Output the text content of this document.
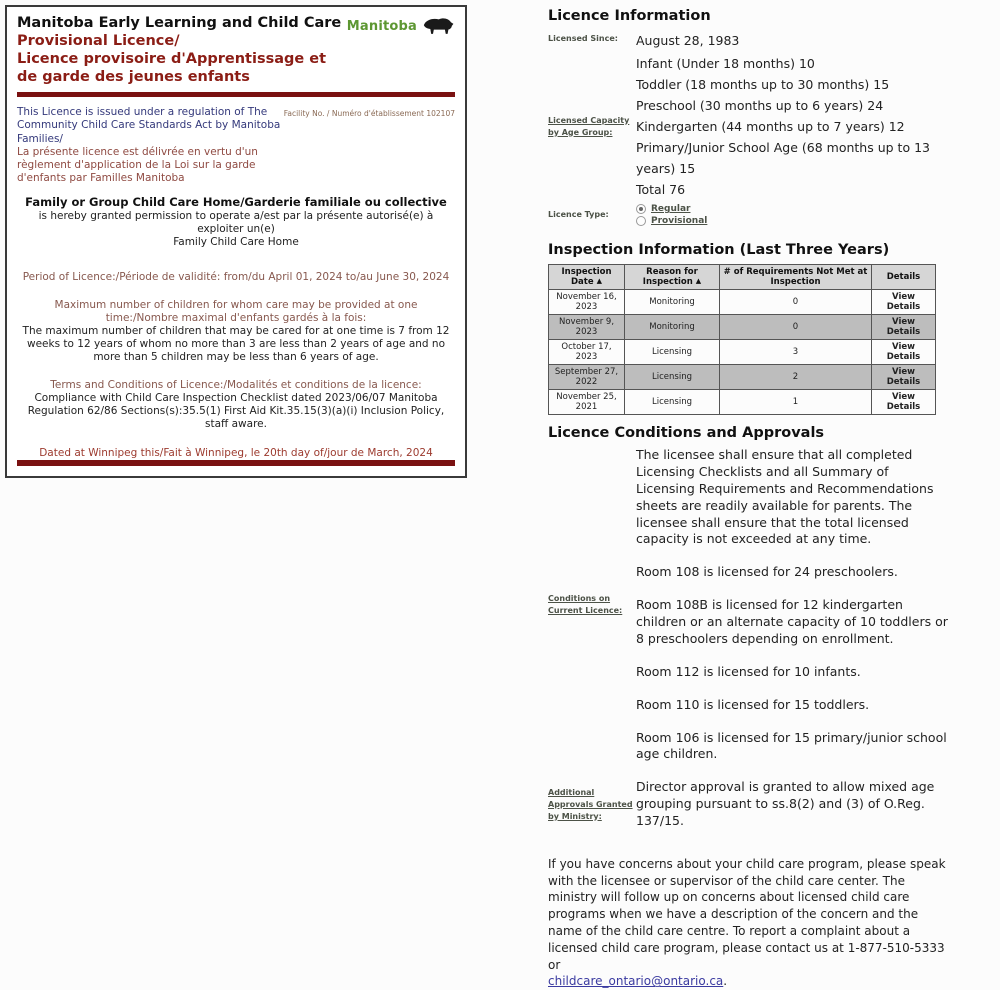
Manitoba Early Learning and Child Care
Provisional Licence/
Licence provisoire d'Apprentissage et de garde des jeunes enfants
Manitoba
This Licence is issued under a regulation of The Community Child Care Standards Act by Manitoba Families/
La présente licence est délivrée en vertu d'un règlement d'application de la Loi sur la garde d'enfants par Familles Manitoba
Facility No. / Numéro d'établissement 102107
Family or Group Child Care Home/Garderie familiale ou collective
is hereby granted permission to operate a/est par la présente autorisé(e) à exploiter un(e)
Family Child Care Home
Period of Licence:/Période de validité: from/du April 01, 2024 to/au June 30, 2024
Maximum number of children for whom care may be provided at one time:/Nombre maximal d'enfants gardés à la fois:
The maximum number of children that may be cared for at one time is 7 from 12 weeks to 12 years of whom no more than 3 are less than 2 years of age and no more than 5 children may be less than 6 years of age.
Terms and Conditions of Licence:/Modalités et conditions de la licence:
Compliance with Child Care Inspection Checklist dated 2023/06/07 Manitoba Regulation 62/86 Sections(s):35.5(1) First Aid Kit.35.15(3)(a)(i) Inclusion Policy, staff aware.
Dated at Winnipeg this/Fait à Winnipeg, le 20th day of/jour de March, 2024
Licence Information
Licensed Since:	August 28, 1983
Licensed Capacity by Age Group:
Infant (Under 18 months) 10
Toddler (18 months up to 30 months) 15
Preschool (30 months up to 6 years) 24
Kindergarten (44 months up to 7 years) 12
Primary/Junior School Age (68 months up to 13 years) 15
Total 76
Licence Type:
Regular
Provisional
Inspection Information (Last Three Years)
Inspection Date ▲	Reason for Inspection ▲	# of Requirements Not Met at Inspection	Details
November 16, 2023	Monitoring	0	View Details
November 9, 2023	Monitoring	0	View Details
October 17, 2023	Licensing	3	View Details
September 27, 2022	Licensing	2	View Details
November 25, 2021	Licensing	1	View Details
Licence Conditions and Approvals
Conditions on Current Licence:

The licensee shall ensure that all completed Licensing Checklists and all Summary of Licensing Requirements and Recommendations sheets are readily available for parents. The licensee shall ensure that the total licensed capacity is not exceeded at any time.

Room 108 is licensed for 24 preschoolers.

Room 108B is licensed for 12 kindergarten children or an alternate capacity of 10 toddlers or 8 preschoolers depending on enrollment.

Room 112 is licensed for 10 infants.

Room 110 is licensed for 15 toddlers.

Room 106 is licensed for 15 primary/junior school age children.

Additional Approvals Granted by Ministry:

Director approval is granted to allow mixed age grouping pursuant to ss.8(2) and (3) of O.Reg. 137/15.

If you have concerns about your child care program, please speak with the licensee or supervisor of the child care center. The ministry will follow up on concerns about licensed child care programs when we have a description of the concern and the name of the child care centre. To report a complaint about a licensed child care program, please contact us at 1-877-510-5333 or
childcare_ontario@ontario.ca.
